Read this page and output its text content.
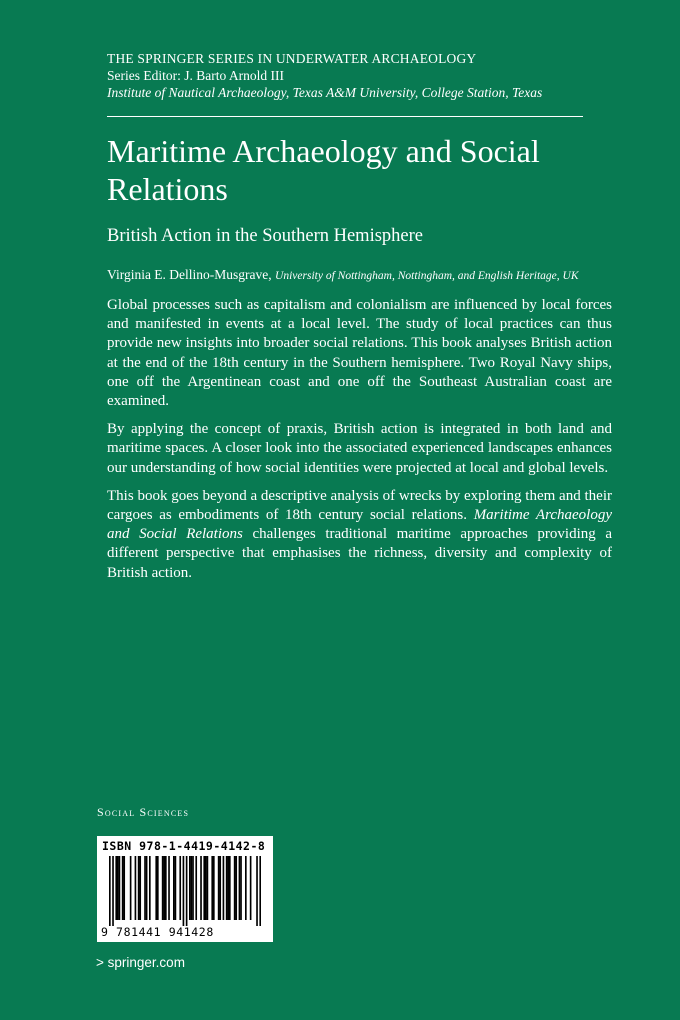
THE SPRINGER SERIES IN UNDERWATER ARCHAEOLOGY
Series Editor: J. Barto Arnold III
Institute of Nautical Archaeology, Texas A&M University, College Station, Texas
Maritime Archaeology and Social
Relations
British Action in the Southern Hemisphere
Virginia E. Dellino-Musgrave, University of Nottingham, Nottingham, and English Heritage, UK

Global processes such as capitalism and colonialism are influenced by local forces and manifested in events at a local level. The study of local practices can thus provide new insights into broader social relations. This book analyses British action at the end of the 18th century in the Southern hemisphere. Two Royal Navy ships, one off the Argentinean coast and one off the Southeast Australian coast are examined.

By applying the concept of praxis, British action is integrated in both land and maritime spaces. A closer look into the associated experienced landscapes enhances our understanding of how social identities were projected at local and global levels.

This book goes beyond a descriptive analysis of wrecks by exploring them and their cargoes as embodiments of 18th century social relations. Maritime Archaeology and Social Relations challenges traditional maritime approaches providing a different perspective that emphasises the richness, diversity and complexity of British action.

Social Sciences
ISBN 978-1-4419-4142-8
9 781441 941428
> springer.com
